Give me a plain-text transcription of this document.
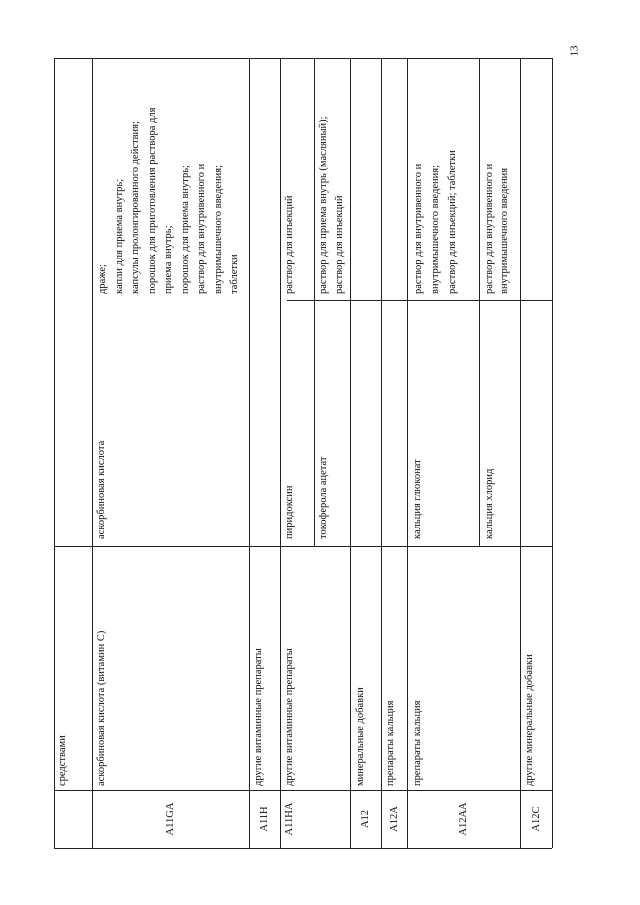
13
средствами
A11GA
аскорбиновая кислота (витамин С)
аскорбиновая кислота
драже; капли для приема внутрь; капсулы пролонгированного действия; порошок для приготовления раствора для приема внутрь; порошок для приема внутрь; раствор для внутривенного и внутримышечного введения; таблетки
A11H
другие витаминные препараты
A11HA
другие витаминные препараты
пиридоксин
раствор для инъекций
токоферола ацетат
раствор для приема внутрь (масляный); раствор для инъекций
A12
минеральные добавки
A12A
препараты кальция
A12AA
препараты кальция
кальция глюконат
раствор для внутривенного и внутримышечного введения; раствор для инъекций; таблетки
кальция хлорид
раствор для внутривенного и внутримышечного введения
A12C
другие минеральные добавки
